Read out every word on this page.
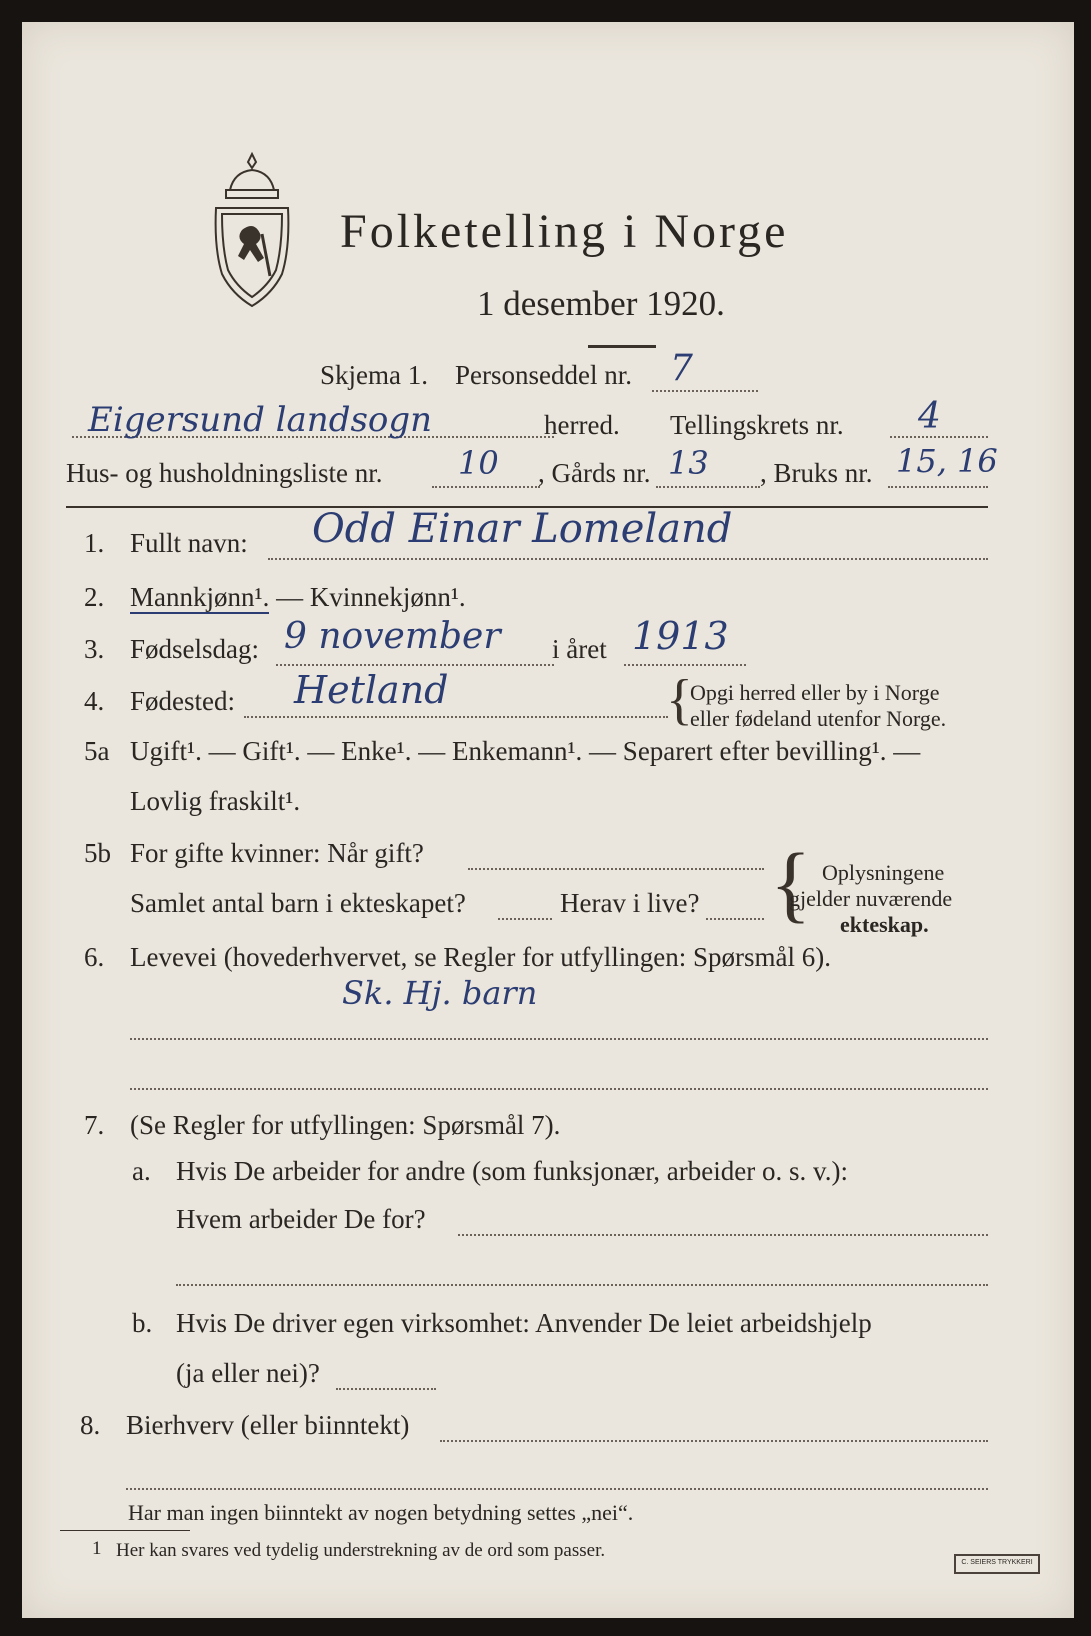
Folketelling i Norge
1 desember 1920.
Skjema 1. Personseddel nr. 7
Eigersund landsogn	herred. Tellingskrets nr. 4
Hus- og husholdningsliste nr. 10 , Gårds nr. 13 , Bruks nr. 15, 16
1. Fullt navn: Odd Einar Lomeland
2. Mannkjønn¹. — Kvinnekjønn¹.
3. Fødselsdag: 9 november i året 1913
4. Fødested: Hetland	{
Opgi herred eller by i Norge
eller fødeland utenfor Norge.
5a Ugift¹. — Gift¹. — Enke¹. — Enkemann¹. — Separert efter bevilling¹. —
Lovlig fraskilt¹.
5b For gifte kvinner: Når gift?
Samlet antal barn i ekteskapet?	Herav i live? { Oplysningene
gjelder nuværende
ekteskap.
6. Levevei (hovederhvervet, se Regler for utfyllingen: Spørsmål 6).
Sk. Hj. barn
7. (Se Regler for utfyllingen: Spørsmål 7).
a. Hvis De arbeider for andre (som funksjonær, arbeider o. s. v.):
Hvem arbeider De for?
b. Hvis De driver egen virksomhet: Anvender De leiet arbeidshjelp
(ja eller nei)?
8. Bierhverv (eller biinntekt)
Har man ingen biinntekt av nogen betydning settes „nei“.
1 Her kan svares ved tydelig understrekning av de ord som passer.
C. SEIERS TRYKKERI
